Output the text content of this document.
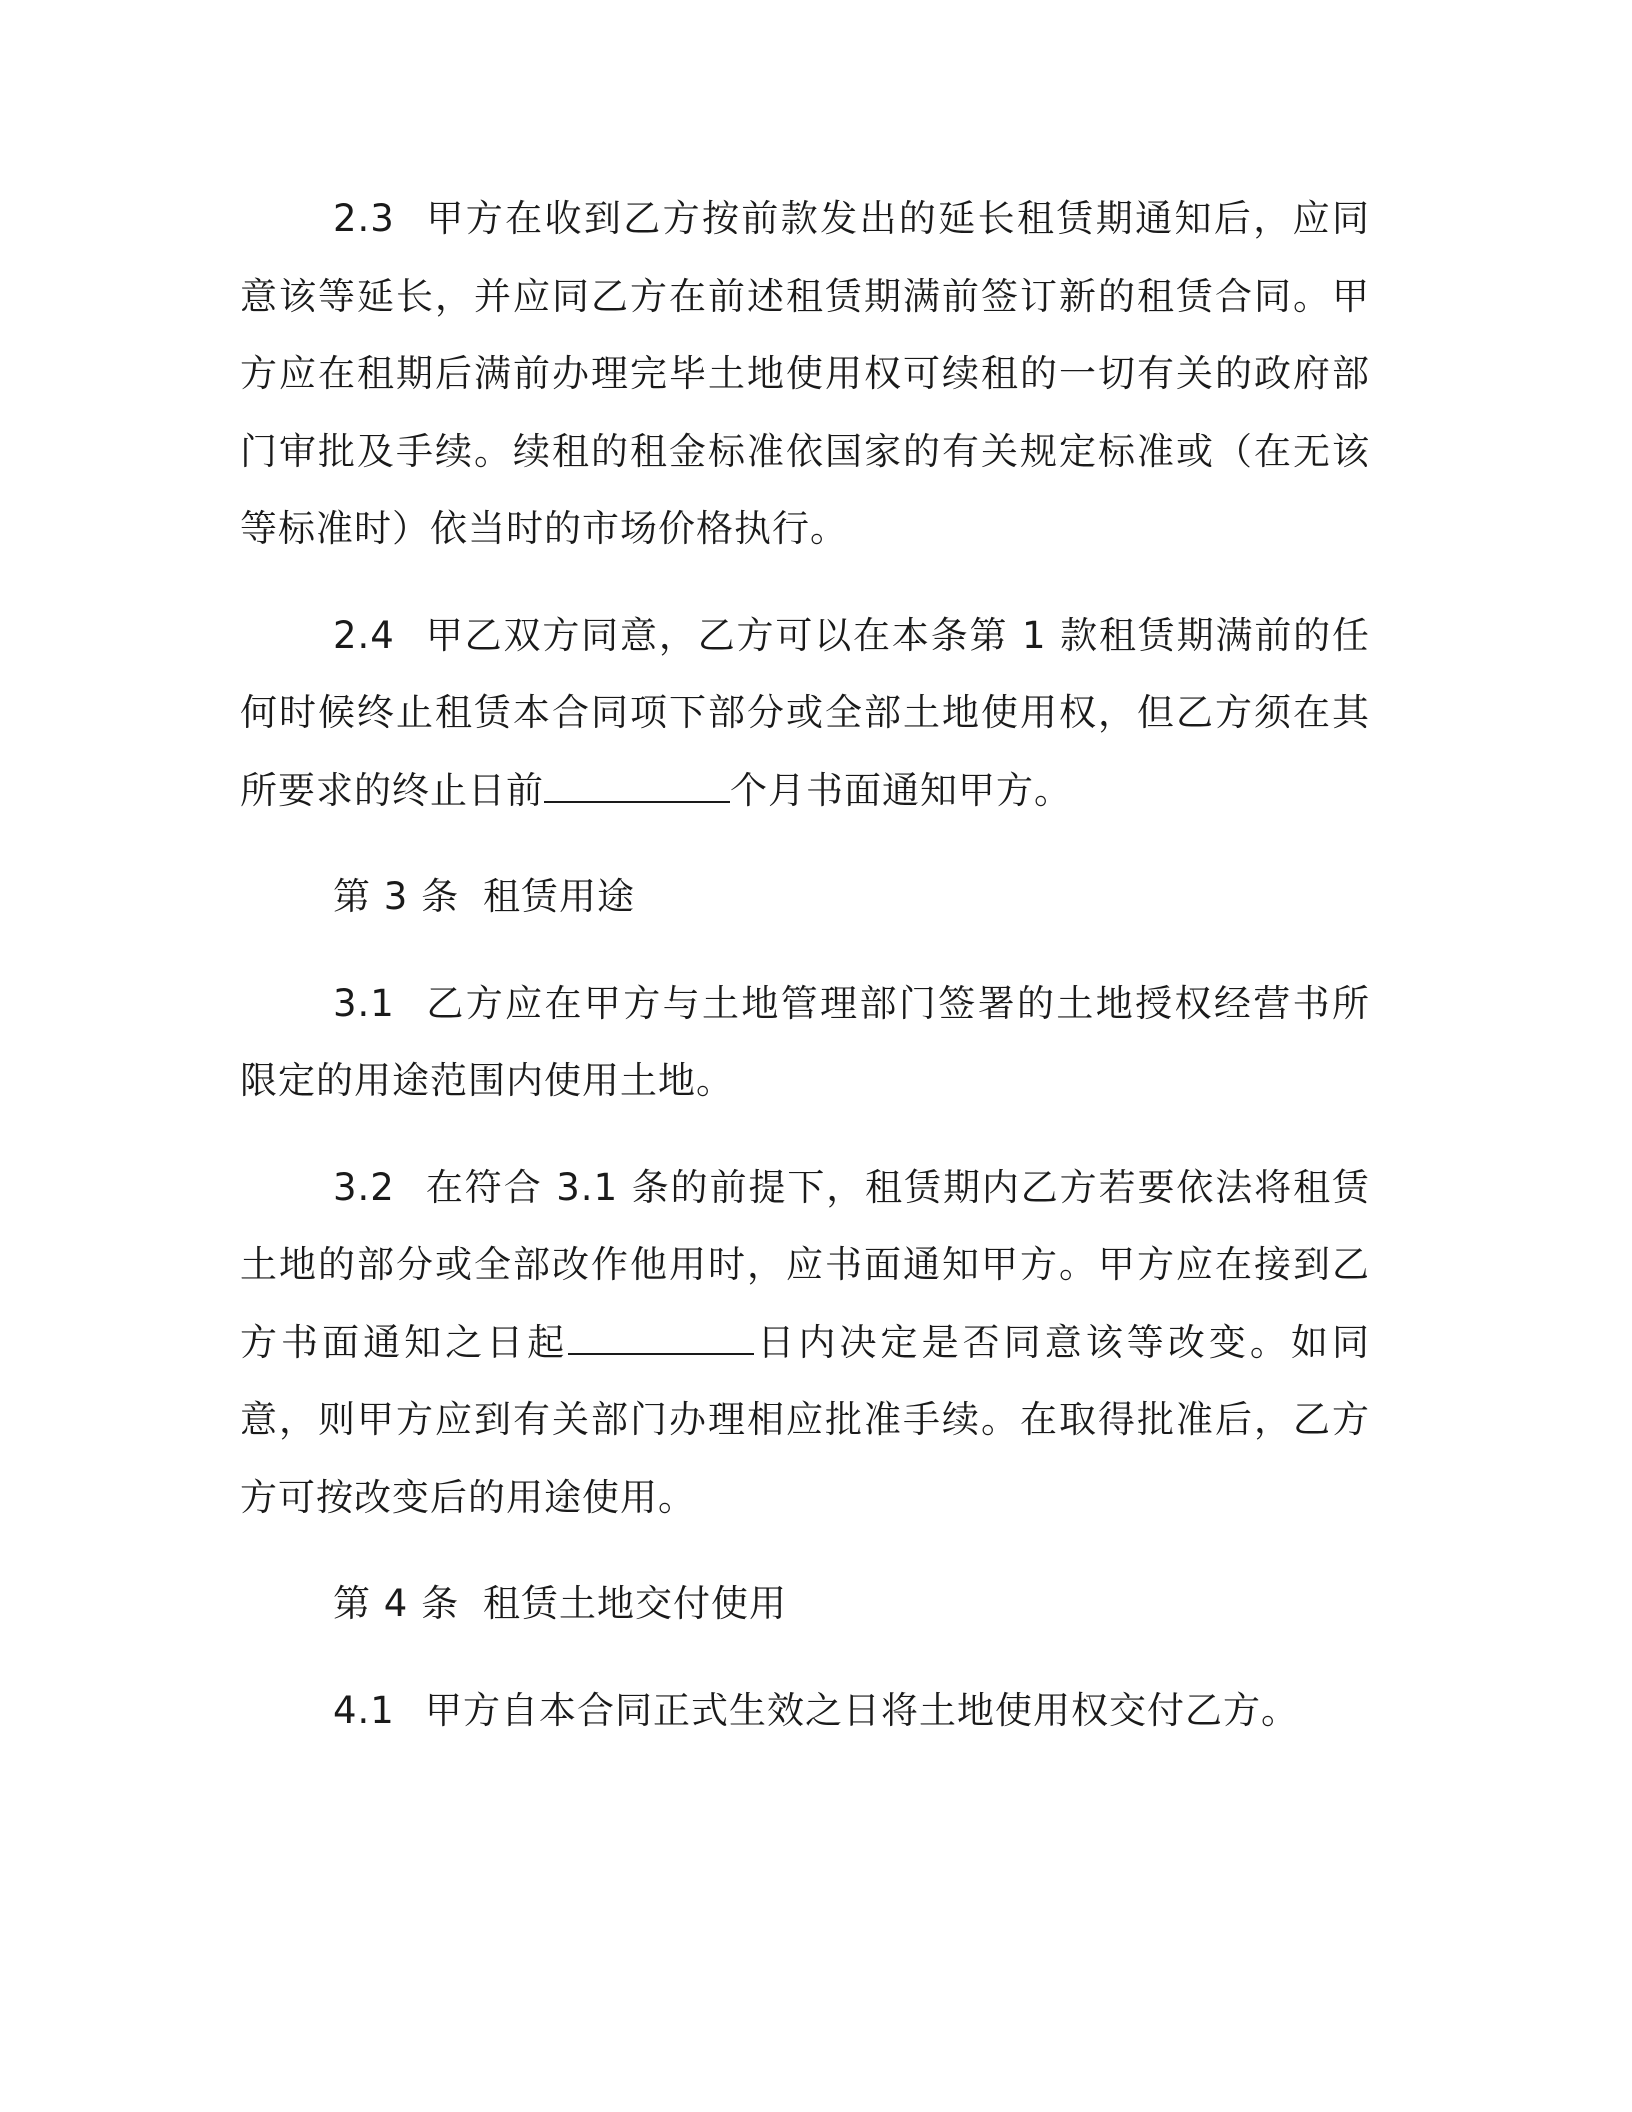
2.3 甲方在收到乙方按前款发出的延长租赁期通知后，应同意该等延长，并应同乙方在前述租赁期满前签订新的租赁合同。甲方应在租期后满前办理完毕土地使用权可续租的一切有关的政府部门审批及手续。续租的租金标准依国家的有关规定标准或（在无该等标准时）依当时的市场价格执行。

2.4 甲乙双方同意，乙方可以在本条第 1 款租赁期满前的任何时候终止租赁本合同项下部分或全部土地使用权，但乙方须在其所要求的终止日前	个月书面通知甲方。

第 3 条 租赁用途

3.1 乙方应在甲方与土地管理部门签署的土地授权经营书所限定的用途范围内使用土地。

3.2 在符合 3.1 条的前提下，租赁期内乙方若要依法将租赁土地的部分或全部改作他用时，应书面通知甲方。甲方应在接到乙方书面通知之日起	日内决定是否同意该等改变。如同意，则甲方应到有关部门办理相应批准手续。在取得批准后，乙方方可按改变后的用途使用。

第 4 条 租赁土地交付使用

4.1 甲方自本合同正式生效之日将土地使用权交付乙方。
